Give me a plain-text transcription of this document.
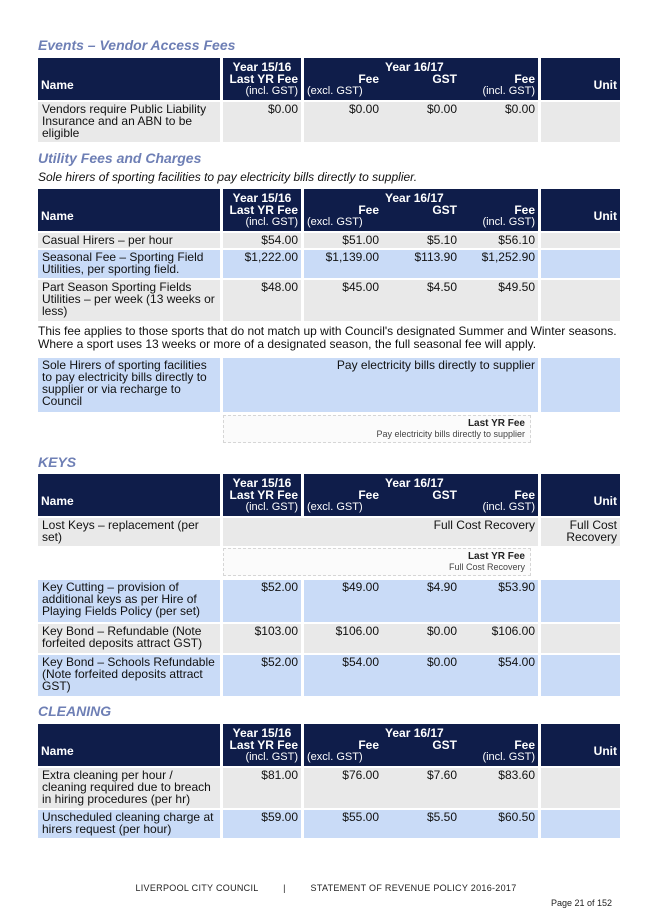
Events – Vendor Access Fees
Name		Year 15/16
Last YR Fee
(incl. GST)		Fee
(excl. GST)	Year 16/17
GST	Fee
(incl. GST)		Unit
Vendors require Public Liability Insurance and an ABN to be eligible		$0.00		$0.00	$0.00	$0.00		
Utility Fees and Charges
Sole hirers of sporting facilities to pay electricity bills directly to supplier.
Name		Year 15/16
Last YR Fee
(incl. GST)		Fee
(excl. GST)	Year 16/17
GST	Fee
(incl. GST)		Unit
Casual Hirers – per hour		$54.00		$51.00	$5.10	$56.10		
Seasonal Fee – Sporting Field Utilities, per sporting field.		$1,222.00		$1,139.00	$113.90	$1,252.90		
Part Season Sporting Fields Utilities – per week (13 weeks or less)		$48.00		$45.00	$4.50	$49.50		
This fee applies to those sports that do not match up with Council's designated Summer and Winter seasons. Where a sport uses 13 weeks or more of a designated season, the full seasonal fee will apply.
Sole Hirers of sporting facilities to pay electricity bills directly to supplier or via recharge to Council		Pay electricity bills directly to supplier		
Last YR Fee
Pay electricity bills directly to supplier
KEYS
Name		Year 15/16
Last YR Fee
(incl. GST)		Fee
(excl. GST)	Year 16/17
GST	Fee
(incl. GST)		Unit
Lost Keys – replacement (per set)		Full Cost Recovery						Full Cost Recovery
Last YR Fee
Full Cost Recovery
Key Cutting – provision of additional keys as per Hire of Playing Fields Policy (per set)		$52.00		$49.00	$4.90	$53.90		
Key Bond – Refundable (Note forfeited deposits attract GST)		$103.00		$106.00	$0.00	$106.00		
Key Bond – Schools Refundable (Note forfeited deposits attract GST)		$52.00		$54.00	$0.00	$54.00		
CLEANING
Name		Year 15/16
Last YR Fee
(incl. GST)		Fee
(excl. GST)	Year 16/17
GST	Fee
(incl. GST)		Unit
Extra cleaning per hour / cleaning required due to breach in hiring procedures (per hr)		$81.00		$76.00	$7.60	$83.60		
Unscheduled cleaning charge at hirers request (per hour)		$59.00		$55.00	$5.50	$60.50		
LIVERPOOL CITY COUNCIL	|	STATEMENT OF REVENUE POLICY 2016-2017
Page 21 of 152
